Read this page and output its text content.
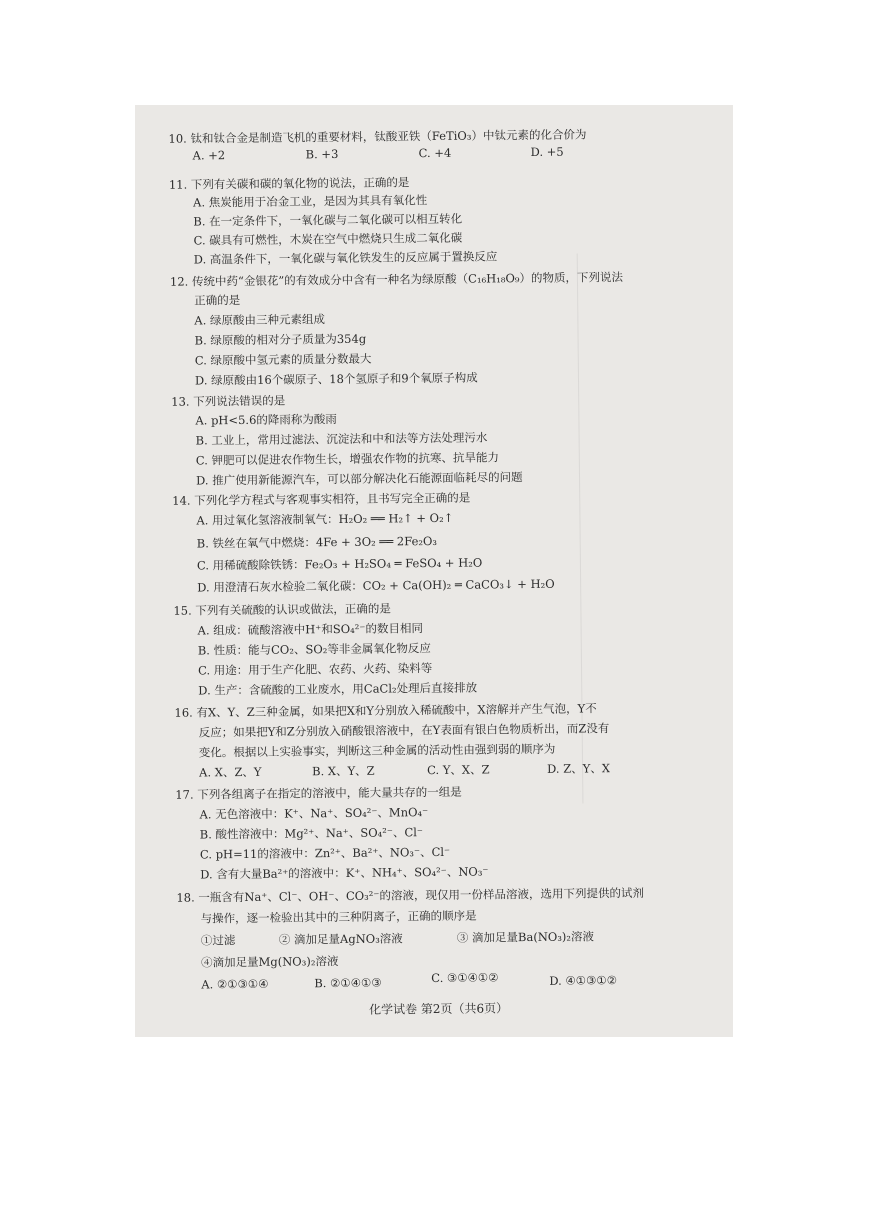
10. 钛和钛合金是制造飞机的重要材料，钛酸亚铁（FeTiO₃）中钛元素的化合价为
A. +2	B. +3	C. +4	D. +5
11. 下列有关碳和碳的氧化物的说法，正确的是
A. 焦炭能用于冶金工业，是因为其具有氧化性
B. 在一定条件下，一氧化碳与二氧化碳可以相互转化
C. 碳具有可燃性，木炭在空气中燃烧只生成二氧化碳
D. 高温条件下，一氧化碳与氧化铁发生的反应属于置换反应
12. 传统中药“金银花”的有效成分中含有一种名为绿原酸（C₁₆H₁₈O₉）的物质，下列说法
正确的是
A. 绿原酸由三种元素组成
B. 绿原酸的相对分子质量为354g
C. 绿原酸中氢元素的质量分数最大
D. 绿原酸由16个碳原子、18个氢原子和9个氧原子构成
13. 下列说法错误的是
A. pH<5.6的降雨称为酸雨
B. 工业上，常用过滤法、沉淀法和中和法等方法处理污水
C. 钾肥可以促进农作物生长，增强农作物的抗寒、抗旱能力
D. 推广使用新能源汽车，可以部分解决化石能源面临耗尽的问题
14. 下列化学方程式与客观事实相符，且书写完全正确的是
A. 用过氧化氢溶液制氧气：H₂O₂ ══ H₂↑ + O₂↑
B. 铁丝在氧气中燃烧：4Fe + 3O₂ ══ 2Fe₂O₃
C. 用稀硫酸除铁锈：Fe₂O₃ + H₂SO₄ ═ FeSO₄ + H₂O
D. 用澄清石灰水检验二氧化碳：CO₂ + Ca(OH)₂ ═ CaCO₃↓ + H₂O
15. 下列有关硫酸的认识或做法，正确的是
A. 组成：硫酸溶液中H⁺和SO₄²⁻的数目相同
B. 性质：能与CO₂、SO₂等非金属氧化物反应
C. 用途：用于生产化肥、农药、火药、染料等
D. 生产：含硫酸的工业废水，用CaCl₂处理后直接排放
16. 有X、Y、Z三种金属，如果把X和Y分别放入稀硫酸中，X溶解并产生气泡，Y不
反应；如果把Y和Z分别放入硝酸银溶液中，在Y表面有银白色物质析出，而Z没有
变化。根据以上实验事实，判断这三种金属的活动性由强到弱的顺序为
A. X、Z、Y	B. X、Y、Z	C. Y、X、Z	D. Z、Y、X
17. 下列各组离子在指定的溶液中，能大量共存的一组是
A. 无色溶液中：K⁺、Na⁺、SO₄²⁻、MnO₄⁻
B. 酸性溶液中：Mg²⁺、Na⁺、SO₄²⁻、Cl⁻
C. pH=11的溶液中：Zn²⁺、Ba²⁺、NO₃⁻、Cl⁻
D. 含有大量Ba²⁺的溶液中：K⁺、NH₄⁺、SO₄²⁻、NO₃⁻
18. 一瓶含有Na⁺、Cl⁻、OH⁻、CO₃²⁻的溶液，现仅用一份样品溶液，选用下列提供的试剂
与操作，逐一检验出其中的三种阴离子，正确的顺序是
①过滤	② 滴加足量AgNO₃溶液	③ 滴加足量Ba(NO₃)₂溶液
④滴加足量Mg(NO₃)₂溶液
A. ②①③①④	B. ②①④①③	C. ③①④①②	D. ④①③①②
化学试卷 第2页（共6页）
